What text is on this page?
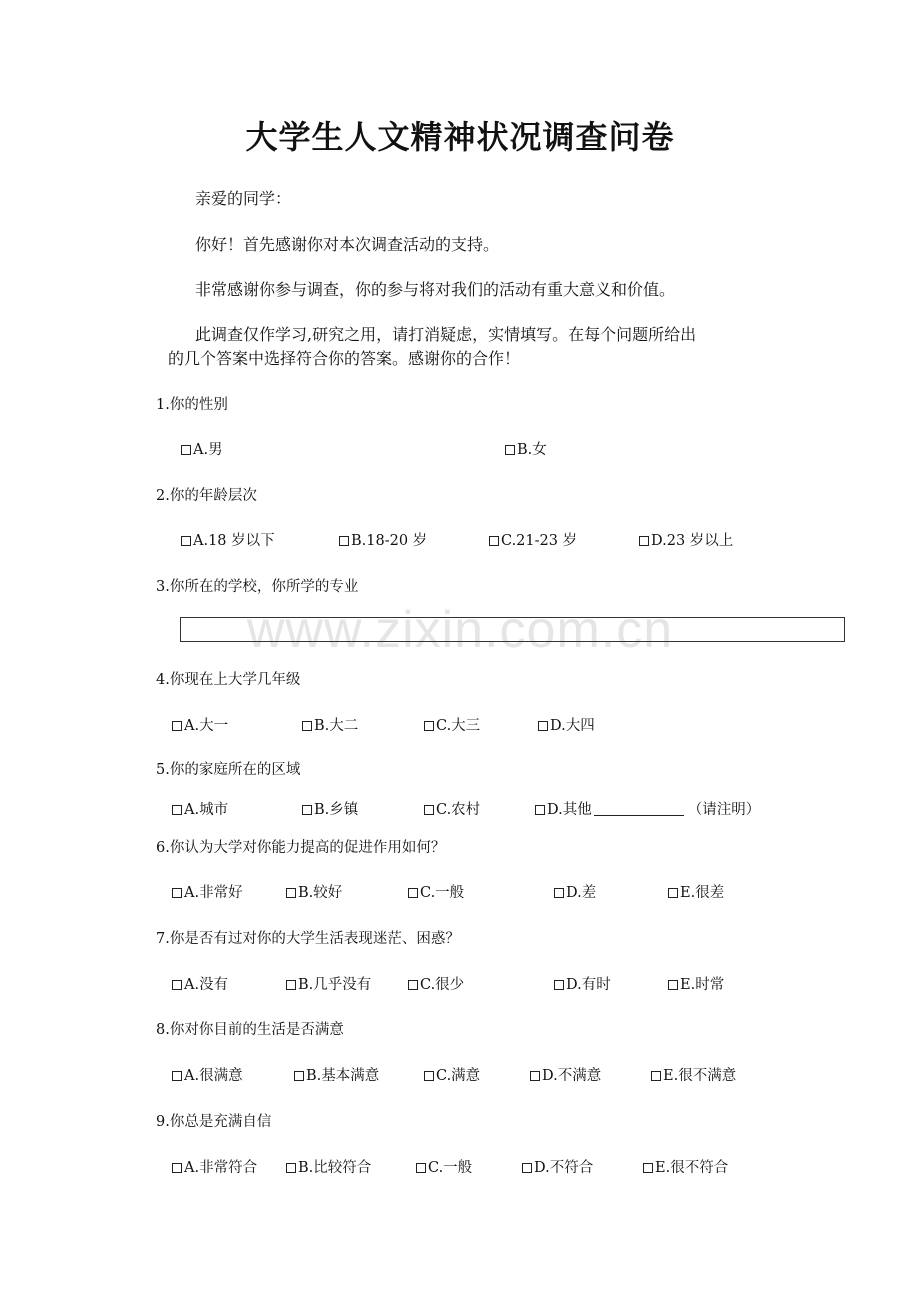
www.zixin.com.cn
大学生人文精神状况调查问卷
亲爱的同学：
你好！首先感谢你对本次调查活动的支持。
非常感谢你参与调查，你的参与将对我们的活动有重大意义和价值。
此调查仅作学习,研究之用，请打消疑虑，实情填写。在每个问题所给出
的几个答案中选择符合你的答案。感谢你的合作！
1.你的性别
A.男	B.女
2.你的年龄层次
A.18 岁以下	B.18-20 岁	C.21-23 岁	D.23 岁以上
3.你所在的学校，你所学的专业
4.你现在上大学几年级
A.大一	B.大二	C.大三	D.大四
5.你的家庭所在的区域
A.城市	B.乡镇	C.农村	D.其他	（请注明）
6.你认为大学对你能力提高的促进作用如何？
A.非常好	B.较好	C.一般	D.差	E.很差
7.你是否有过对你的大学生活表现迷茫、困惑？
A.没有	B.几乎没有	C.很少	D.有时	E.时常
8.你对你目前的生活是否满意
A.很满意	B.基本满意	C.满意	D.不满意	E.很不满意
9.你总是充满自信
A.非常符合	B.比较符合	C.一般	D.不符合	E.很不符合
